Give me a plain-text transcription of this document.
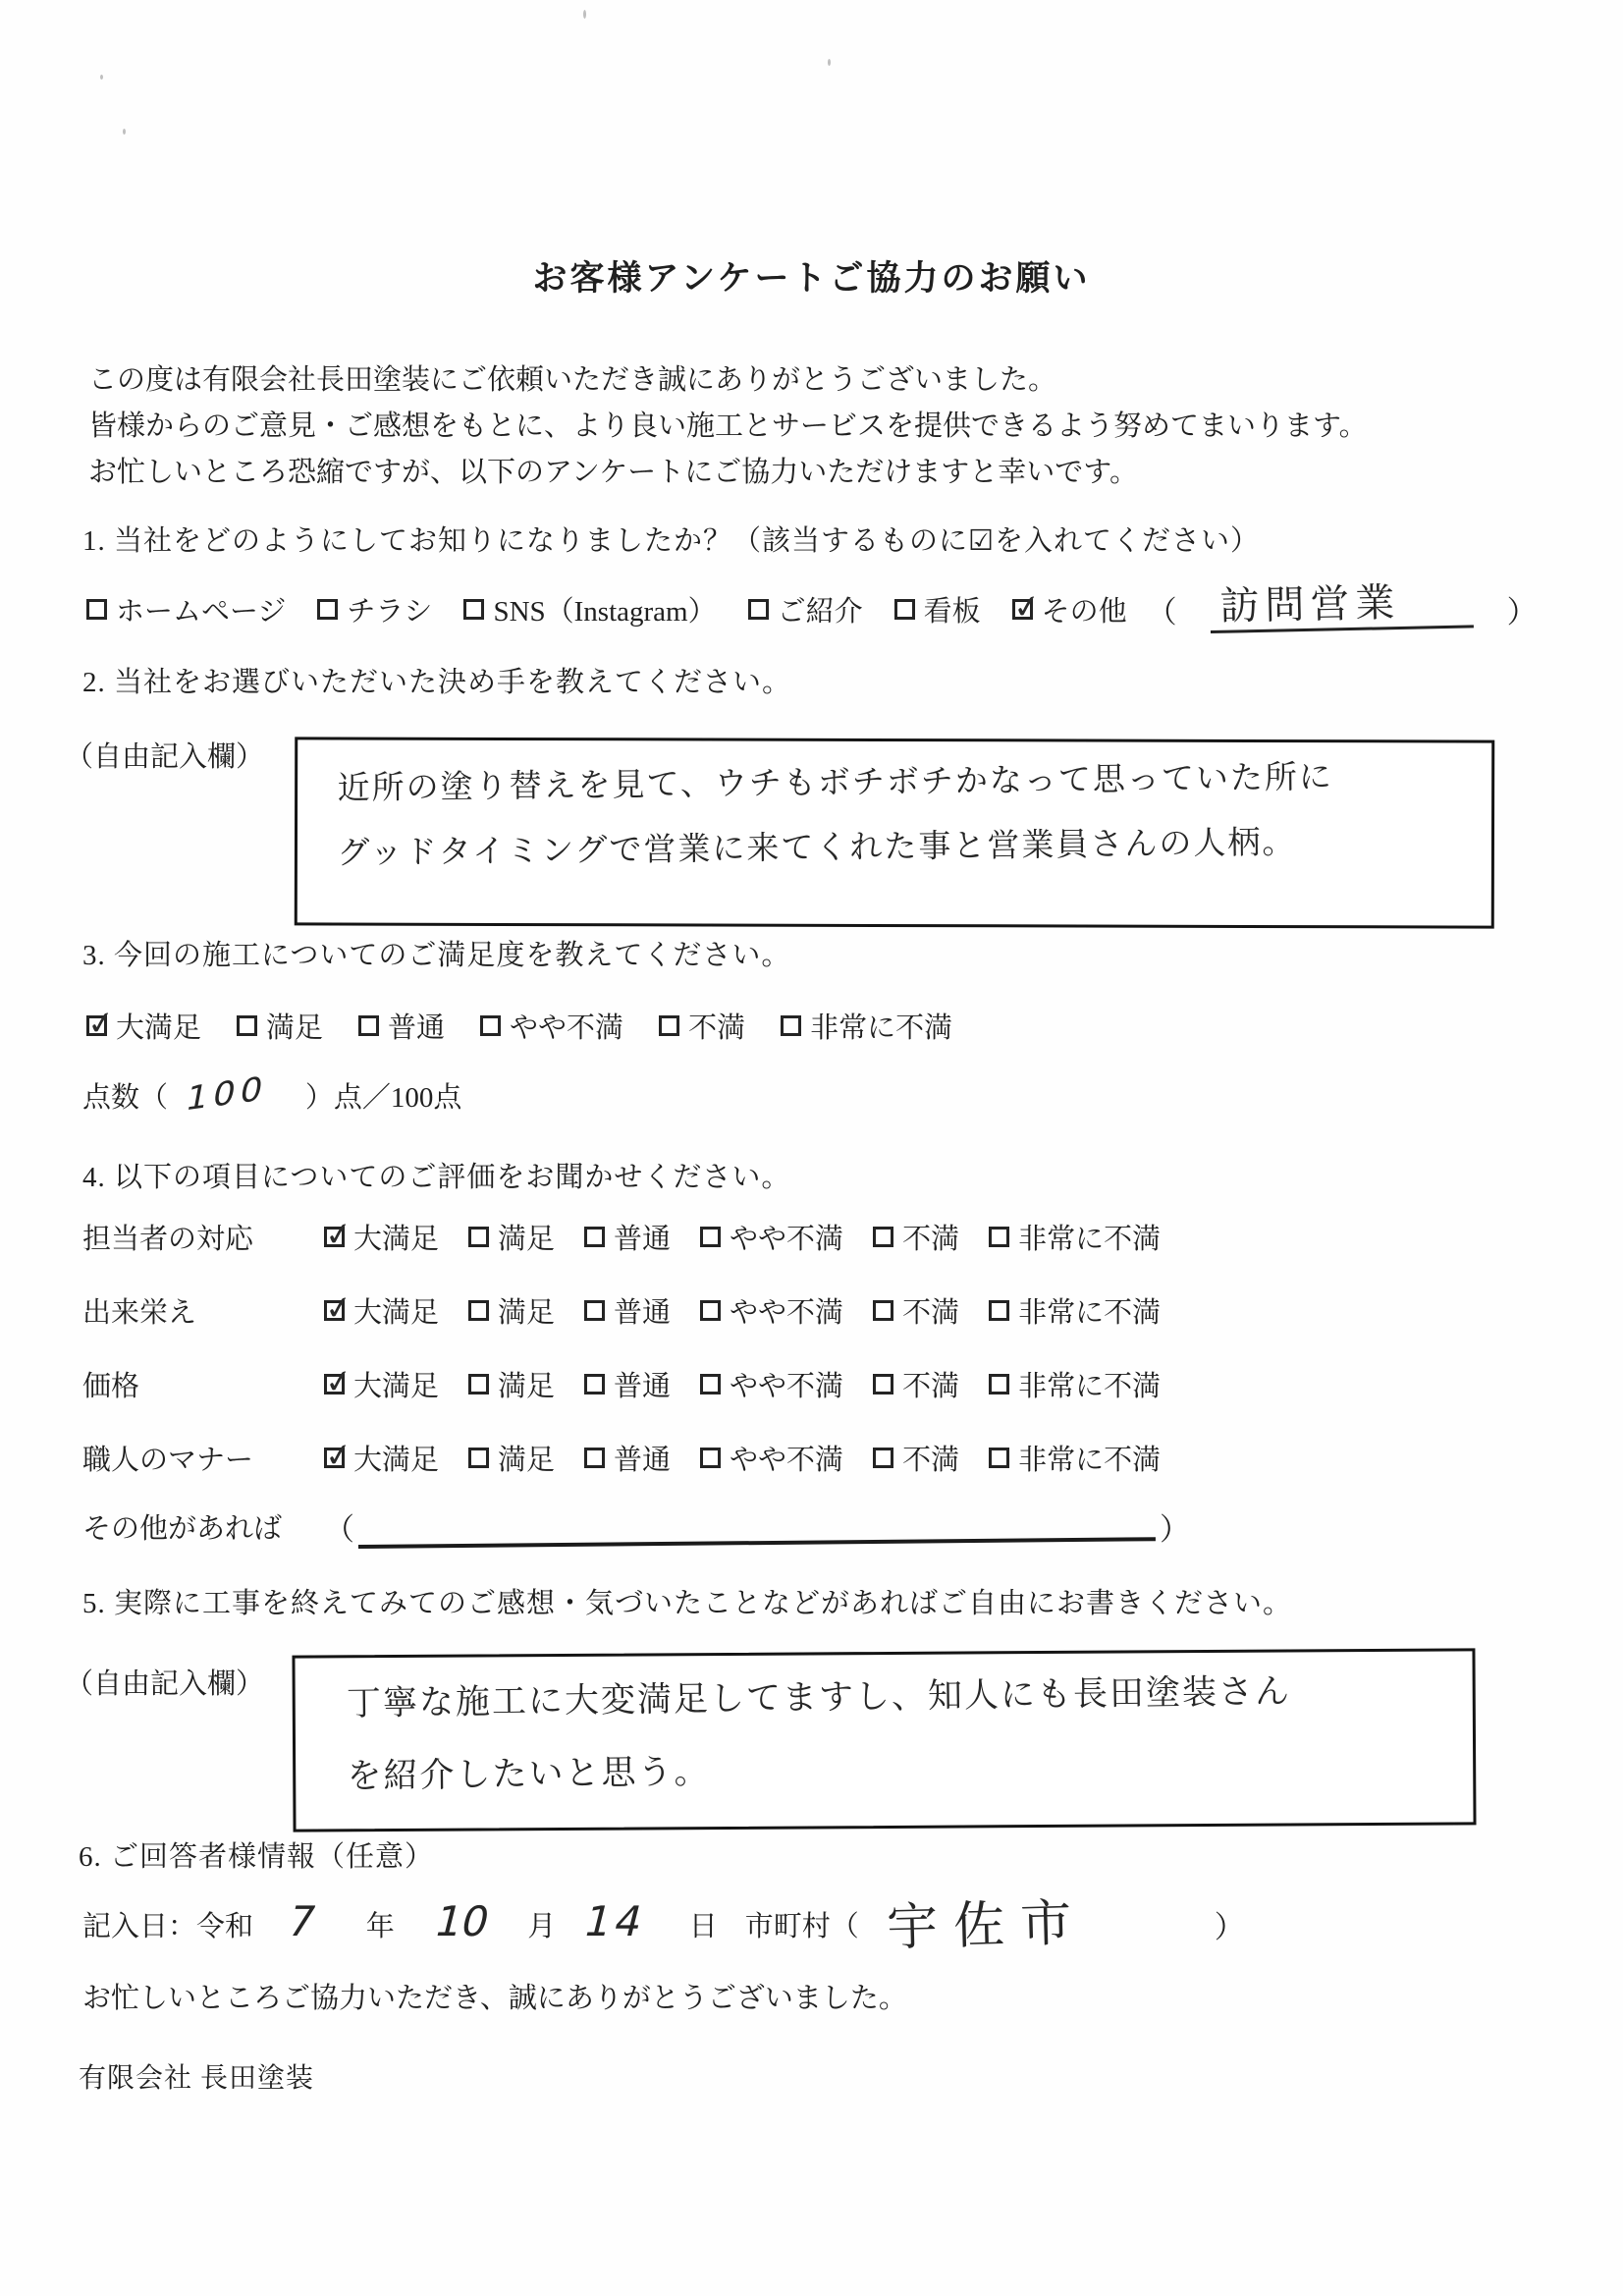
お客様アンケートご協力のお願い

この度は有限会社長田塗装にご依頼いただき誠にありがとうございました。

皆様からのご意見・ご感想をもとに、より良い施工とサービスを提供できるよう努めてまいります。

お忙しいところ恐縮ですが、以下のアンケートにご協力いただけますと幸いです。

1. 当社をどのようにしてお知りになりましたか？（該当するものに☑を入れてください）

ホームページ チラシ SNS（Instagram） ご紹介 看板 ✓ その他 （ 訪問営業	）

2. 当社をお選びいただいた決め手を教えてください。

（自由記入欄）

近所の塗り替えを見て、ウチもボチボチかなって思っていた所に

グッドタイミングで営業に来てくれた事と営業員さんの人柄。

3. 今回の施工についてのご満足度を教えてください。

✓
大満足 満足 普通 やや不満 不満 非常に不満
点数（ 100 ）点／100点

4. 以下の項目についてのご評価をお聞かせください。

担当者の対応 ✓	大満足 満足 普通 やや不満 不満 非常に不満
出来栄え ✓	大満足 満足 普通 やや不満 不満 非常に不満
価格 ✓	大満足 満足 普通 やや不満 不満 非常に不満
職人のマナー ✓	大満足 満足 普通 やや不満 不満 非常に不満
その他があれば	（	）

5. 実際に工事を終えてみてのご感想・気づいたことなどがあればご自由にお書きください。

（自由記入欄） 丁寧な施工に大変満足してますし、知人にも長田塗装さん

を紹介したいと思う。

6. ご回答者様情報（任意）

記入日：令和 7 年 10 月 14 日 市町村（ 宇佐市	）

お忙しいところご協力いただき、誠にありがとうございました。

有限会社 長田塗装
